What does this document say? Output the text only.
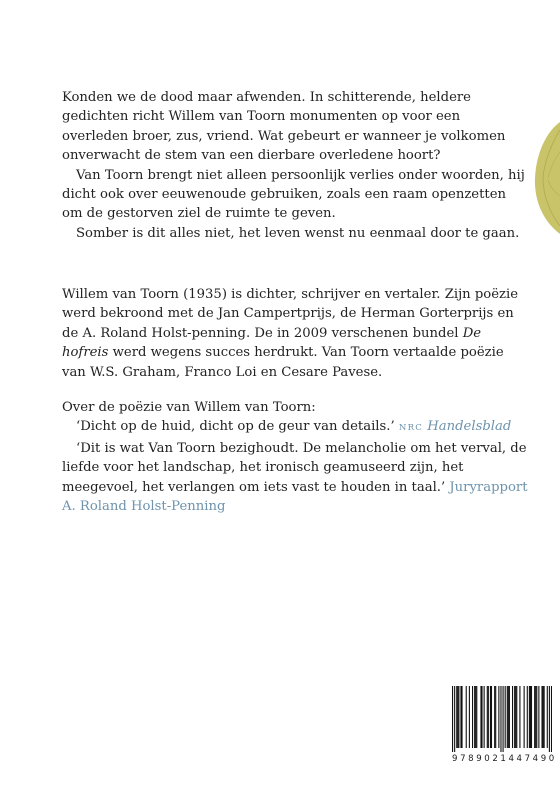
Konden we de dood maar afwenden. In schitterende, heldere gedichten richt Willem van Toorn monumenten op voor een overleden broer, zus, vriend. Wat gebeurt er wanneer je volkomen onverwacht de stem van een dierbare overledene hoort?

Van Toorn brengt niet alleen persoonlijk verlies onder woorden, hij dicht ook over eeuwenoude gebruiken, zoals een raam openzetten om de gestorven ziel de ruimte te geven.

Somber is dit alles niet, het leven wenst nu eenmaal door te gaan.

Willem van Toorn (1935) is dichter, schrijver en vertaler. Zijn poëzie werd bekroond met de Jan Campertprijs, de Herman Gorterprijs en de A. Roland Holst-penning. De in 2009 verschenen bundel De hofreis werd wegens succes herdrukt. Van Toorn vertaalde poëzie van W.S. Graham, Franco Loi en Cesare Pavese.

Over de poëzie van Willem van Toorn:

‘Dicht op de huid, dicht op de geur van details.’ NRC Handelsblad

‘Dit is wat Van Toorn bezighoudt. De melancholie om het verval, de liefde voor het landschap, het ironisch geamuseerd zijn, het meegevoel, het verlangen om iets vast te houden in taal.’ Juryrapport A. Roland Holst-Penning

9789021447490
